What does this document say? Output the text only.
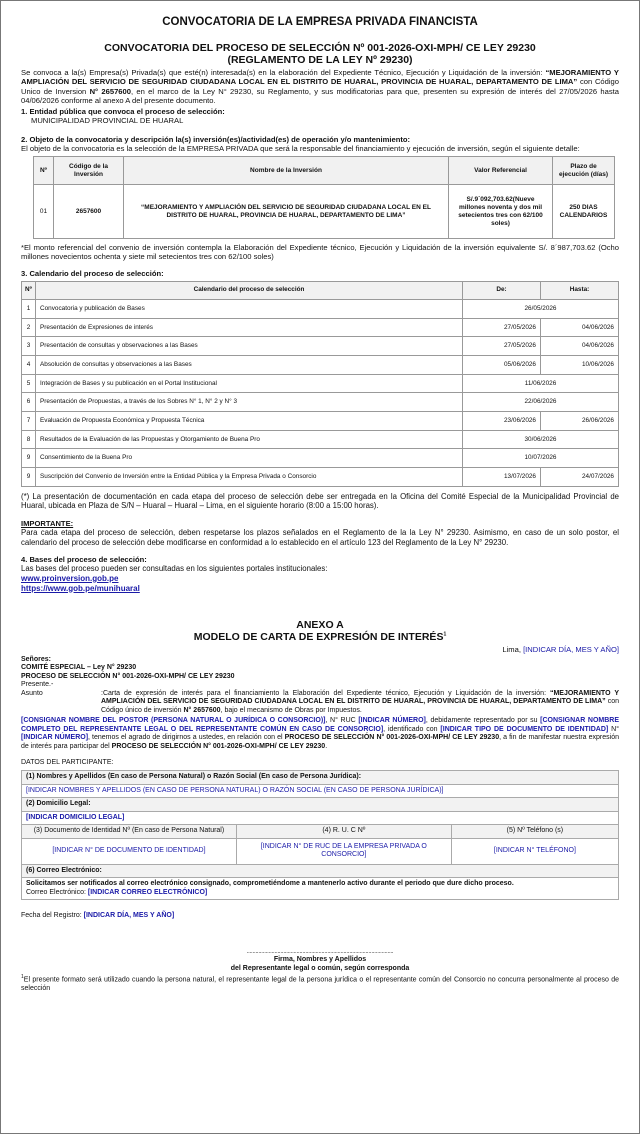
CONVOCATORIA DE LA EMPRESA PRIVADA FINANCISTA
CONVOCATORIA DEL PROCESO DE SELECCIÓN Nº 001-2026-OXI-MPH/ CE LEY 29230
(REGLAMENTO DE LA LEY Nº 29230)

Se convoca a la(s) Empresa(s) Privada(s) que esté(n) interesada(s) en la elaboración del Expediente Técnico, Ejecución y Liquidación de la inversión: “MEJORAMIENTO Y AMPLIACIÓN DEL SERVICIO DE SEGURIDAD CIUDADANA LOCAL EN EL DISTRITO DE HUARAL, PROVINCIA DE HUARAL, DEPARTAMENTO DE LIMA” con Código Unico de Inversion N° 2657600, en el marco de la Ley N° 29230, su Reglamento, y sus modificatorias para que, presenten su expresión de interés del 27/05/2026 hasta 04/06/2026 conforme al anexo A del presente documento.

1. Entidad pública que convoca el proceso de selección:
MUNICIPALIDAD PROVINCIAL DE HUARAL
2. Objeto de la convocatoria y descripción la(s) inversión(es)/actividad(es) de operación y/o mantenimiento:

El objeto de la convocatoria es la selección de la EMPRESA PRIVADA que será la responsable del financiamiento y ejecución de inversión, según el siguiente detalle:

Nº	Código de la Inversión	Nombre de la Inversión	Valor Referencial	Plazo de ejecución (días)
01	2657600	“MEJORAMIENTO Y AMPLIACIÓN DEL SERVICIO DE SEGURIDAD CIUDADANA LOCAL EN EL DISTRITO DE HUARAL, PROVINCIA DE HUARAL, DEPARTAMENTO DE LIMA”	S/.9´092,703.62(Nueve millones noventa y dos mil setecientos tres con 62/100 soles)	250 DIAS CALENDARIOS

*El monto referencial del convenio de inversión contempla la Elaboración del Expediente técnico, Ejecución y Liquidación de la inversión equivalente S/. 8´987,703.62 (Ocho millones novecientos ochenta y siete mil setecientos tres con 62/100 soles)

3. Calendario del proceso de selección:
Nº	Calendario del proceso de selección	De:	Hasta:
1	Convocatoria y publicación de Bases	26/05/2026	
2	Presentación de Expresiones de interés	27/05/2026	04/06/2026
3	Presentación de consultas y observaciones a las Bases	27/05/2026	04/06/2026
4	Absolución de consultas y observaciones a las Bases	05/06/2026	10/06/2026
5	Integración de Bases y su publicación en el Portal Institucional	11/06/2026	
6	Presentación de Propuestas, a través de los Sobres N° 1, N° 2 y N° 3	22/06/2026	
7	Evaluación de Propuesta Económica y Propuesta Técnica	23/06/2026	26/06/2026
8	Resultados de la Evaluación de las Propuestas y Otorgamiento de Buena Pro	30/06/2026	
9	Consentimiento de la Buena Pro	10/07/2026	
9	Suscripción del Convenio de Inversión entre la Entidad Pública y la Empresa Privada o Consorcio	13/07/2026	24/07/2026

(*) La presentación de documentación en cada etapa del proceso de selección debe ser entregada en la Oficina del Comité Especial de la Municipalidad Provincial de Huaral, ubicada en Plaza de S/N – Huaral – Huaral – Lima, en el siguiente horario (8:00 a 15:00 horas).

IMPORTANTE:

Para cada etapa del proceso de selección, deben respetarse los plazos señalados en el Reglamento de la la Ley N° 29230. Asimismo, en caso de un solo postor, el calendario del proceso de selección debe modificarse en conformidad a lo establecido en el artículo 123 del Reglamento de la Ley N° 29230.

4. Bases del proceso de selección:

Las bases del proceso pueden ser consultadas en los siguientes portales institucionales:

www.proinversion.gob.pe
https://www.gob.pe/munihuaral
ANEXO A
MODELO DE CARTA DE EXPRESIÓN DE INTERÉS$^1$
Lima, [INDICAR DÍA, MES Y AÑO]
Señores:
COMITÉ ESPECIAL – Ley N° 29230
PROCESO DE SELECCIÓN N° 001-2026-OXI-MPH/ CE LEY 29230
Presente.-
Asunto	:Carta de expresión de interés para el financiamiento la Elaboración del Expediente técnico, Ejecución y Liquidación de la inversión: “MEJORAMIENTO Y AMPLIACIÓN DEL SERVICIO DE SEGURIDAD CIUDADANA LOCAL EN EL DISTRITO DE HUARAL, PROVINCIA DE HUARAL, DEPARTAMENTO DE LIMA” con Código único de inversión N° 2657600, bajo el mecanismo de Obras por Impuestos.

[CONSIGNAR NOMBRE DEL POSTOR (PERSONA NATURAL O JURÍDICA O CONSORCIO)], N° RUC [INDICAR NÚMERO], debidamente representado por su [CONSIGNAR NOMBRE COMPLETO DEL REPRESENTANTE LEGAL O DEL REPRESENTANTE COMÚN EN CASO DE CONSORCIO], identificado con [INDICAR TIPO DE DOCUMENTO DE IDENTIDAD] N° [INDICAR NÚMERO], tenemos el agrado de dirigirnos a ustedes, en relación con el PROCESO DE SELECCIÓN N° 001-2026-OXI-MPH/ CE LEY 29230, a fin de manifestar nuestra expresión de interés para participar del PROCESO DE SELECCIÓN N° 001-2026-OXI-MPH/ CE LEY 29230.

DATOS DEL PARTICIPANTE:
(1) Nombres y Apellidos (En caso de Persona Natural) o Razón Social (En caso de Persona Jurídica):		
[INDICAR NOMBRES Y APELLIDOS (EN CASO DE PERSONA NATURAL) O RAZÓN SOCIAL (EN CASO DE PERSONA JURÍDICA)]		
(2) Domicilio Legal:		
[INDICAR DOMICILIO LEGAL]		
(3) Documento de Identidad Nº (En caso de Persona Natural)	(4) R. U. C Nº	(5) Nº Teléfono (s)
[INDICAR N° DE DOCUMENTO DE IDENTIDAD]	[INDICAR N° DE RUC DE LA EMPRESA PRIVADA O CONSORCIO]	[INDICAR N° TELÉFONO]
(6) Correo Electrónico:		

Solicitamos ser notificados al correo electrónico consignado, comprometiéndome a mantenerlo activo durante el periodo que dure dicho proceso.
Correo Electrónico: [INDICAR CORREO ELECTRÓNICO]		
Fecha del Registro: [INDICAR DÍA, MES Y AÑO]
....................................................................................................
Firma, Nombres y Apellidos
del Representante legal o común, según corresponda

$^1$El presente formato será utilizado cuando la persona natural, el representante legal de la persona jurídica o el representante común del Consorcio no concurra personalmente al proceso de selección
